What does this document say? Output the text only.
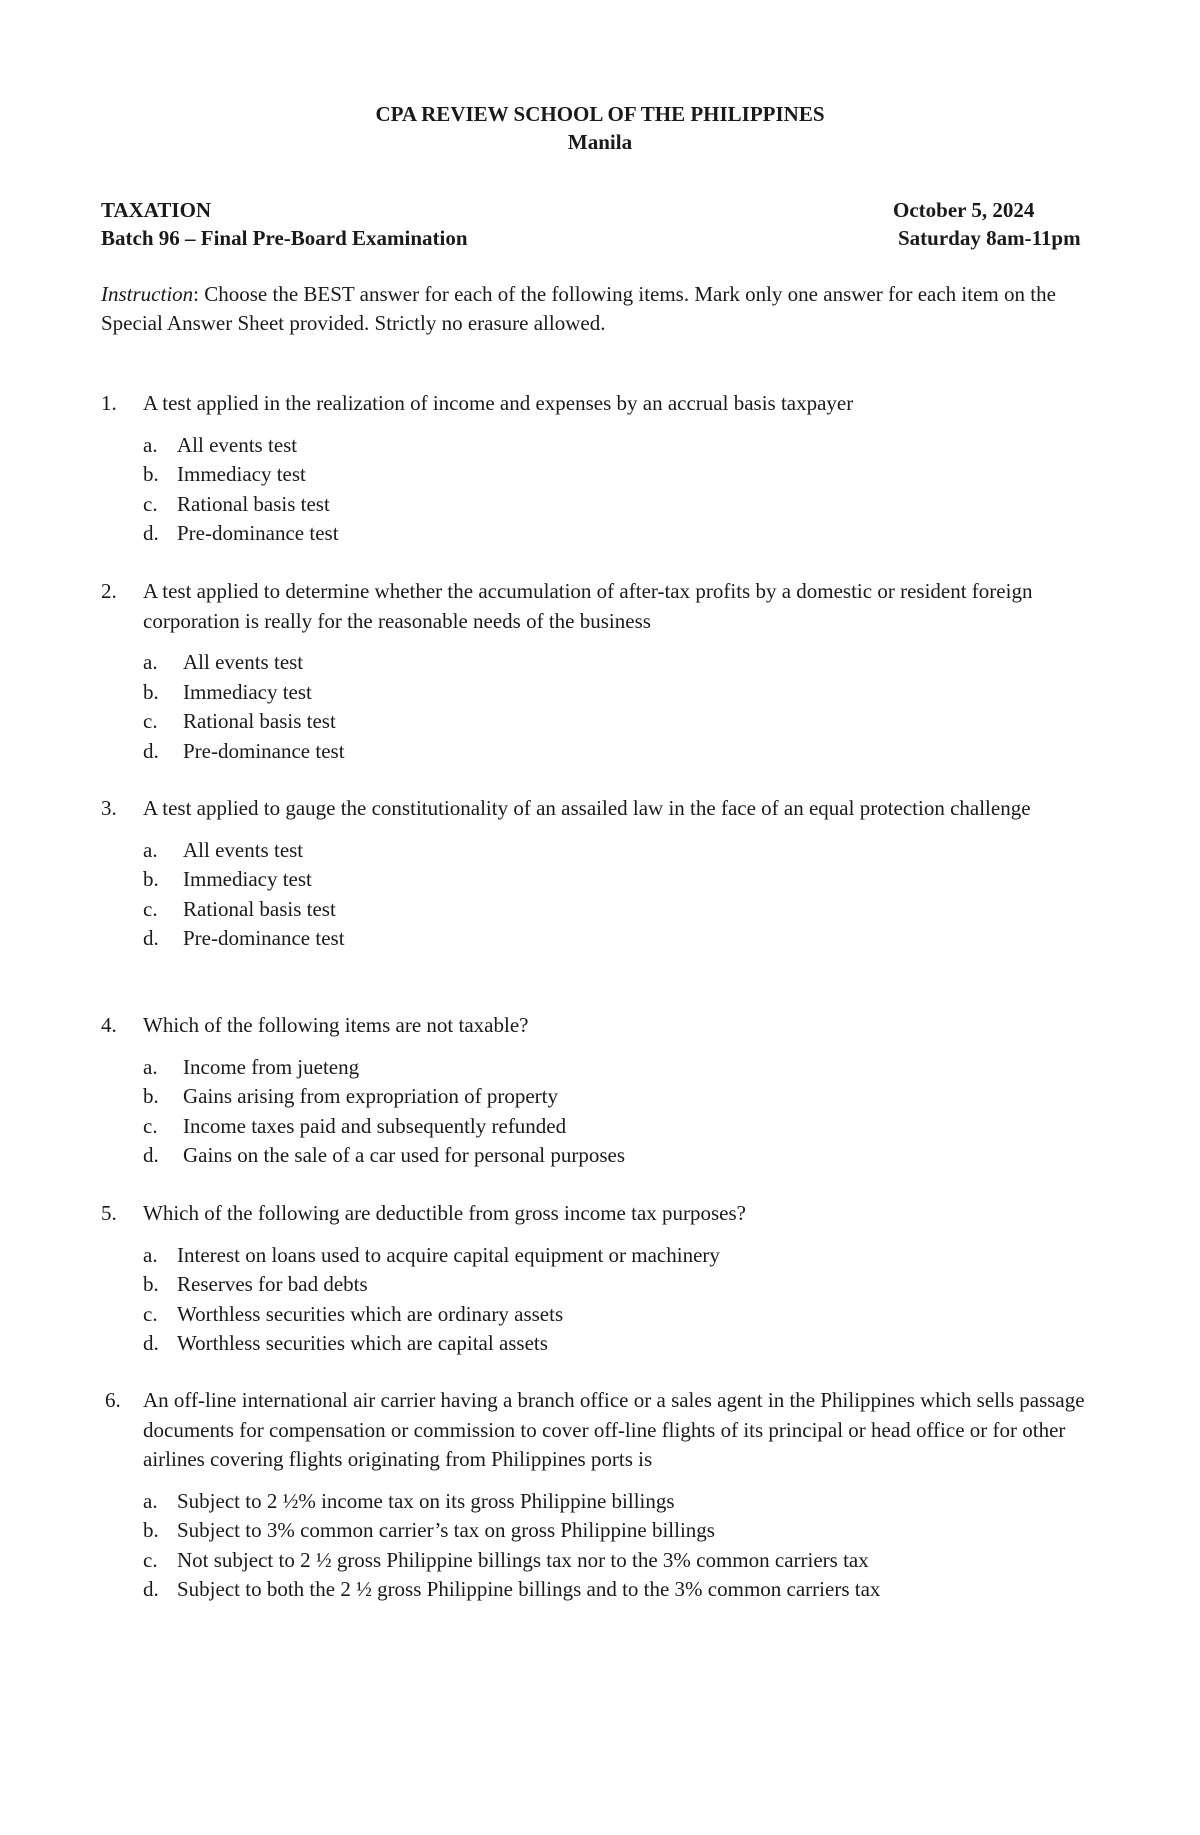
CPA REVIEW SCHOOL OF THE PHILIPPINES
Manila
TAXATION	October 5, 2024
Batch 96 – Final Pre-Board Examination	Saturday 8am-11pm
Instruction: Choose the BEST answer for each of the following items. Mark only one answer for each item on the Special Answer Sheet provided. Strictly no erasure allowed.
1. A test applied in the realization of income and expenses by an accrual basis taxpayer
a. All events test
b. Immediacy test
c. Rational basis test
d. Pre-dominance test
2. A test applied to determine whether the accumulation of after-tax profits by a domestic or resident foreign corporation is really for the reasonable needs of the business
a. All events test
b. Immediacy test
c. Rational basis test
d. Pre-dominance test
3. A test applied to gauge the constitutionality of an assailed law in the face of an equal protection challenge
a. All events test
b. Immediacy test
c. Rational basis test
d. Pre-dominance test
4. Which of the following items are not taxable?
a. Income from jueteng
b. Gains arising from expropriation of property
c. Income taxes paid and subsequently refunded
d. Gains on the sale of a car used for personal purposes
5. Which of the following are deductible from gross income tax purposes?
a. Interest on loans used to acquire capital equipment or machinery
b. Reserves for bad debts
c. Worthless securities which are ordinary assets
d. Worthless securities which are capital assets
6. An off-line international air carrier having a branch office or a sales agent in the Philippines which sells passage documents for compensation or commission to cover off-line flights of its principal or head office or for other airlines covering flights originating from Philippines ports is
a. Subject to 2 ½% income tax on its gross Philippine billings
b. Subject to 3% common carrier’s tax on gross Philippine billings
c. Not subject to 2 ½ gross Philippine billings tax nor to the 3% common carriers tax
d. Subject to both the 2 ½ gross Philippine billings and to the 3% common carriers tax
